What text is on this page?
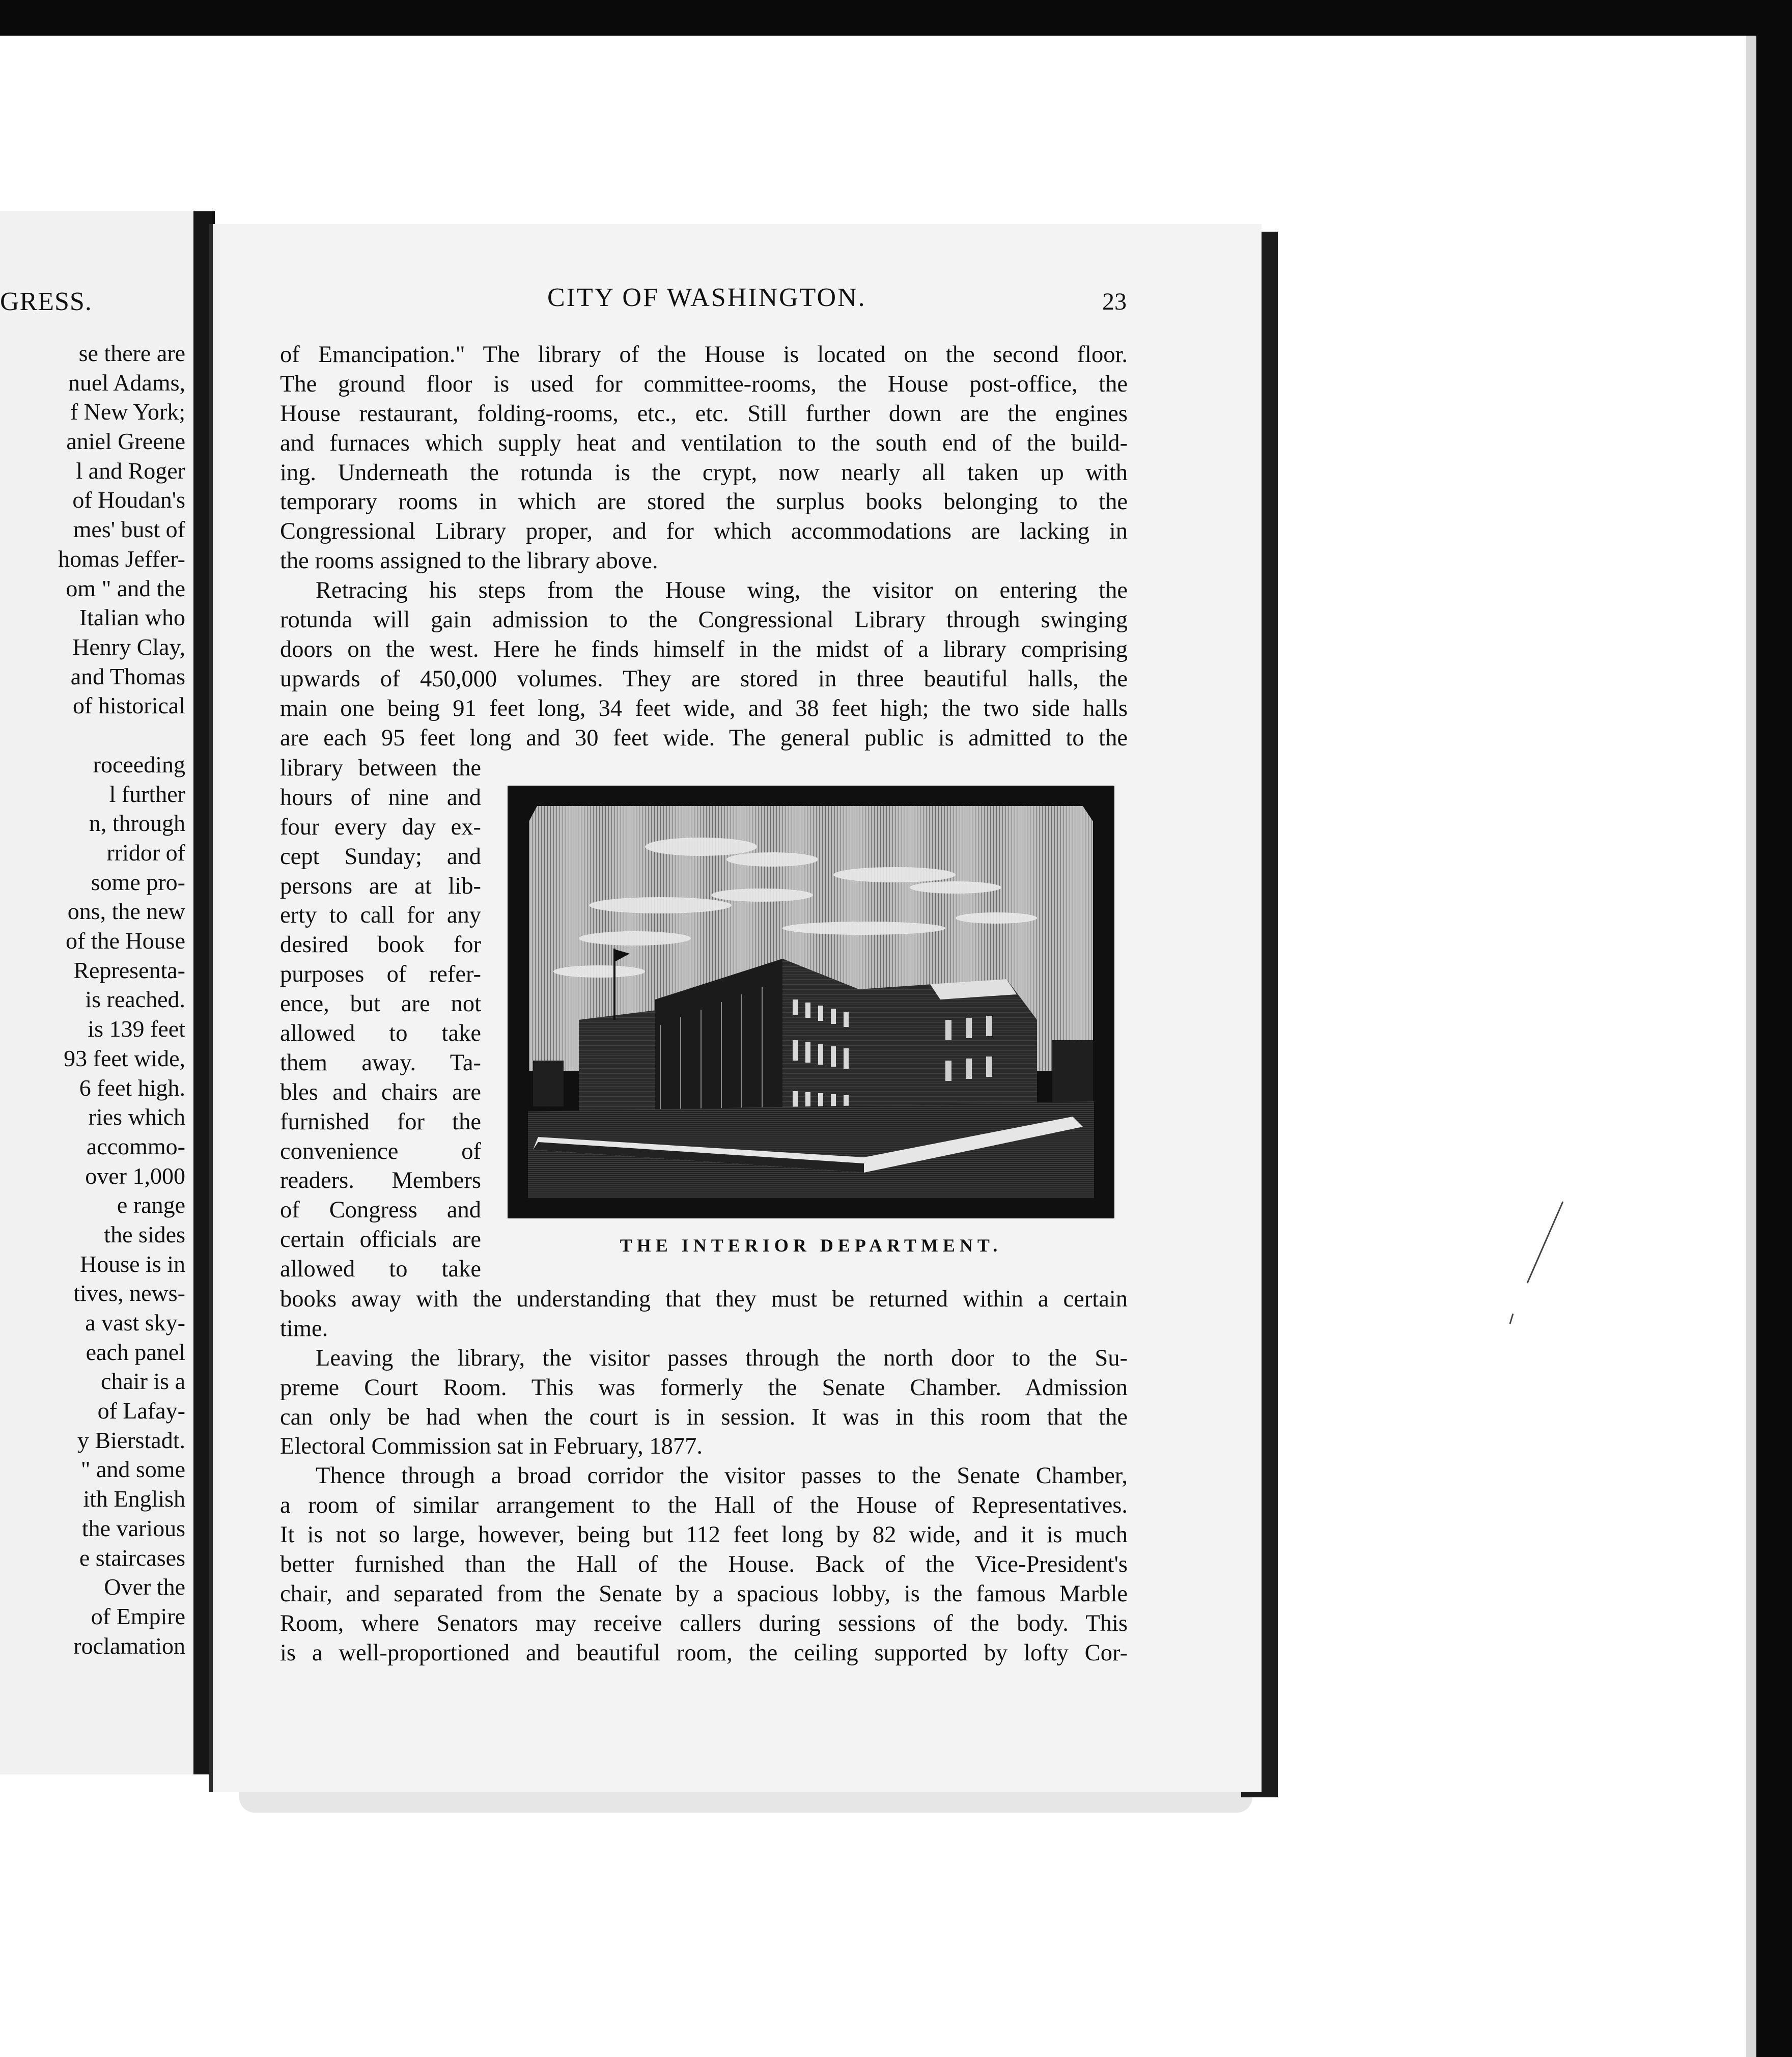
GRESS.
se there are
nuel Adams,
f New York;
aniel Greene
l and Roger
of Houdan's
mes' bust of
homas Jeffer-
om " and the
Italian who
Henry Clay,
and Thomas
of historical
roceeding
l further
n, through
rridor of
some pro-
ons, the new
of the House
Representa-
is reached.
is 139 feet
93 feet wide,
6 feet high.
ries which
accommo-
over 1,000
e range
the sides
House is in
tives, news-
a vast sky-
each panel
chair is a
of Lafay-
y Bierstadt.
" and some
ith English
the various
e staircases
Over the
of Empire
roclamation
CITY OF WASHINGTON.	23
of Emancipation." The library of the House is located on the second floor.
The ground floor is used for committee-rooms, the House post-office, the
House restaurant, folding-rooms, etc., etc. Still further down are the engines
and furnaces which supply heat and ventilation to the south end of the build-
ing. Underneath the rotunda is the crypt, now nearly all taken up with
temporary rooms in which are stored the surplus books belonging to the
Congressional Library proper, and for which accommodations are lacking in
the rooms assigned to the library above.
Retracing his steps from the House wing, the visitor on entering the
rotunda will gain admission to the Congressional Library through swinging
doors on the west. Here he finds himself in the midst of a library comprising
upwards of 450,000 volumes. They are stored in three beautiful halls, the
main one being 91 feet long, 34 feet wide, and 38 feet high; the two side halls
are each 95 feet long and 30 feet wide. The general public is admitted to the
library between the
hours of nine and
four every day ex-
cept Sunday; and
persons are at lib-
erty to call for any
desired book for
purposes of refer-
ence, but are not
allowed to take
them away. Ta-
bles and chairs are
furnished for the
convenience of
readers. Members
of Congress and
certain officials are
allowed to take
THE INTERIOR DEPARTMENT.
books away with the understanding that they must be returned within a certain
time.
Leaving the library, the visitor passes through the north door to the Su-
preme Court Room. This was formerly the Senate Chamber. Admission
can only be had when the court is in session. It was in this room that the
Electoral Commission sat in February, 1877.
Thence through a broad corridor the visitor passes to the Senate Chamber,
a room of similar arrangement to the Hall of the House of Representatives.
It is not so large, however, being but 112 feet long by 82 wide, and it is much
better furnished than the Hall of the House. Back of the Vice-President's
chair, and separated from the Senate by a spacious lobby, is the famous Marble
Room, where Senators may receive callers during sessions of the body. This
is a well-proportioned and beautiful room, the ceiling supported by lofty Cor-
